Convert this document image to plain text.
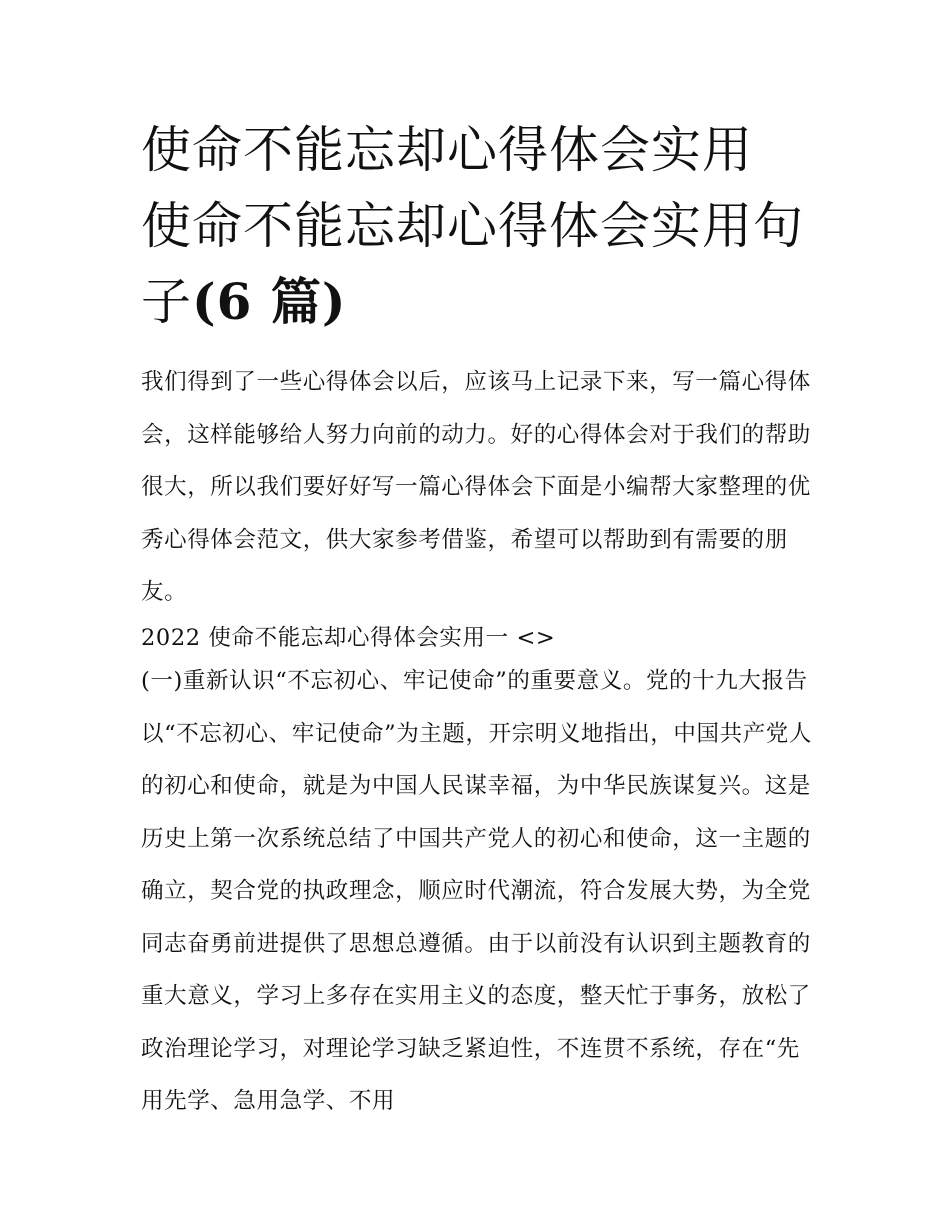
使命不能忘却心得体会实用 使命不能忘却心得体会实用句子(6 篇)

我们得到了一些心得体会以后，应该马上记录下来，写一篇心得体会，这样能够给人努力向前的动力。好的心得体会对于我们的帮助很大，所以我们要好好写一篇心得体会下面是小编帮大家整理的优秀心得体会范文，供大家参考借鉴，希望可以帮助到有需要的朋友。

2022 使命不能忘却心得体会实用一 <>

(一)重新认识“不忘初心、牢记使命”的重要意义。党的十九大报告以“不忘初心、牢记使命”为主题，开宗明义地指出，中国共产党人的初心和使命，就是为中国人民谋幸福，为中华民族谋复兴。这是历史上第一次系统总结了中国共产党人的初心和使命，这一主题的确立，契合党的执政理念，顺应时代潮流，符合发展大势，为全党同志奋勇前进提供了思想总遵循。由于以前没有认识到主题教育的重大意义，学习上多存在实用主义的态度，整天忙于事务，放松了政治理论学习，对理论学习缺乏紧迫性，不连贯不系统，存在“先用先学、急用急学、不用
